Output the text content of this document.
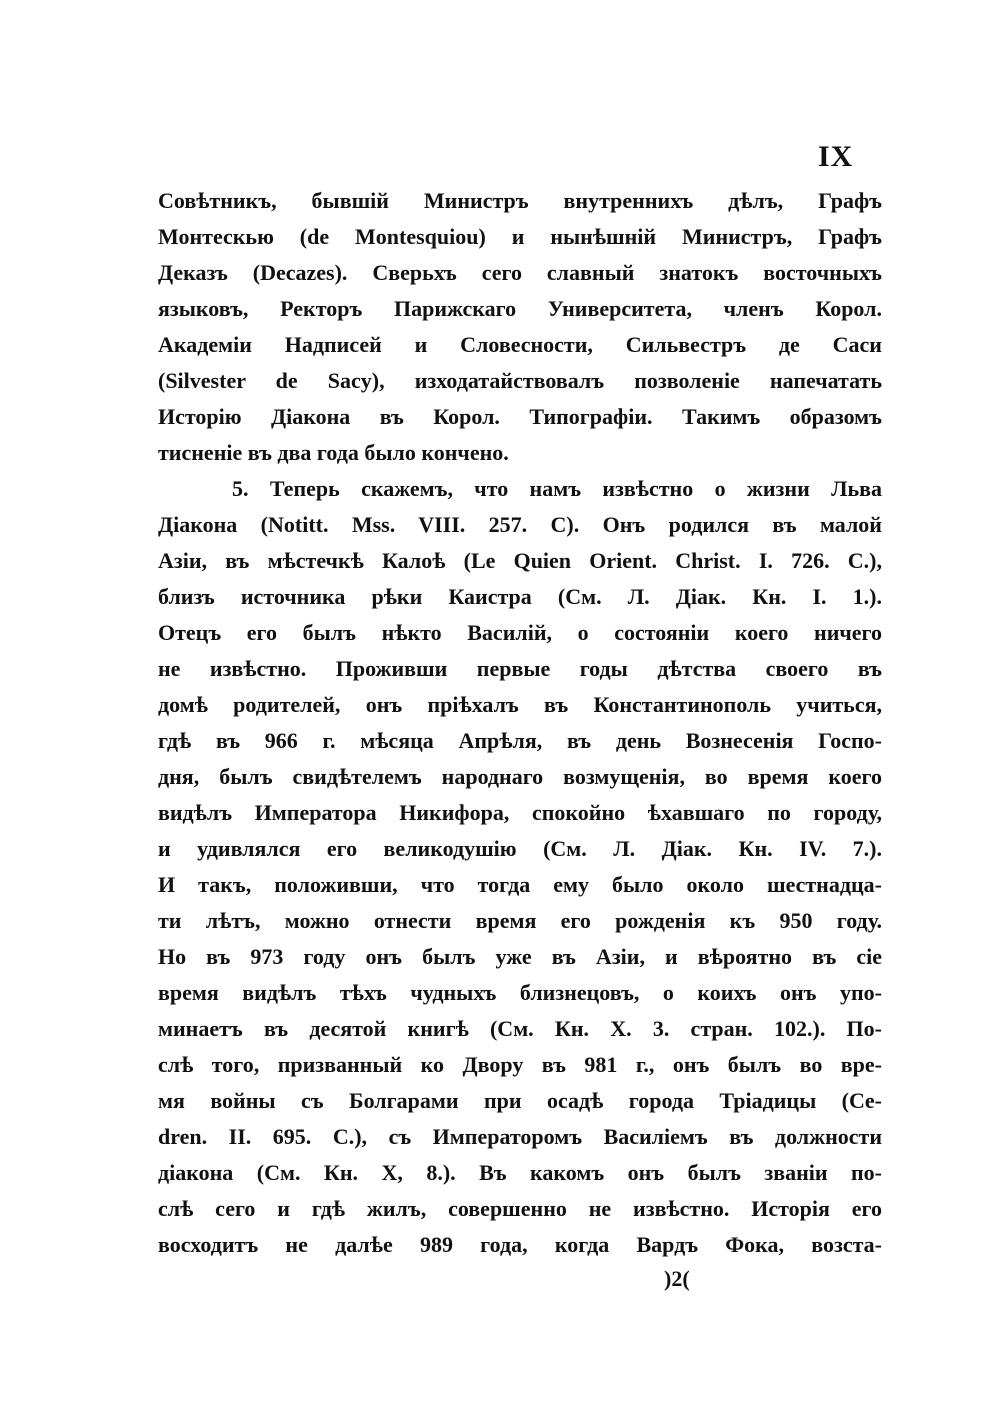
IX
Совѣтникъ, бывшій Министръ внутреннихъ дѣлъ, Графъ
Монтескью (de Montesquiou) и нынѣшній Министръ, Графъ
Деказъ (Decazes). Сверьхъ сего славный знатокъ восточныхъ
языковъ, Ректоръ Парижскаго Университета, членъ Корол.
Академіи Надписей и Словесности, Сильвестръ де Саси
(Silvester de Sacy), изходатайствовалъ позволеніе напечатать
Исторію Діакона въ Корол. Типографіи. Такимъ образомъ
тисненіе въ два года было кончено.
5. Теперь скажемъ, что намъ извѣстно о жизни Льва
Діакона (Notitt. Mss. VIII. 257. C). Онъ родился въ малой
Азіи, въ мѣстечкѣ Калоѣ (Le Quien Orient. Christ. I. 726. C.),
близъ источника рѣки Каистра (См. Л. Діак. Кн. I. 1.).
Отецъ его былъ нѣкто Василій, о состояніи коего ничего
не извѣстно. Проживши первые годы дѣтства своего въ
домѣ родителей, онъ пріѣхалъ въ Константинополь учиться,
гдѣ въ 966 г. мѣсяца Апрѣля, въ день Вознесенія Госпо-
дня, былъ свидѣтелемъ народнаго возмущенія, во время коего
видѣлъ Императора Никифора, спокойно ѣхавшаго по городу,
и удивлялся его великодушію (См. Л. Діак. Кн. IV. 7.).
И такъ, положивши, что тогда ему было около шестнадца-
ти лѣтъ, можно отнести время его рожденія къ 950 году.
Но въ 973 году онъ былъ уже въ Азіи, и вѣроятно въ сіе
время видѣлъ тѣхъ чудныхъ близнецовъ, о коихъ онъ упо-
минаетъ въ десятой книгѣ (См. Кн. X. 3. стран. 102.). По-
слѣ того, призванный ко Двору въ 981 г., онъ былъ во вре-
мя войны съ Болгарами при осадѣ города Тріадицы (Ce-
dren. II. 695. C.), съ Императоромъ Василіемъ въ должности
діакона (См. Кн. X, 8.). Въ какомъ онъ былъ званіи по-
слѣ сего и гдѣ жилъ, совершенно не извѣстно. Исторія его
восходитъ не далѣе 989 года, когда Вардъ Фока, возста-
)2(
